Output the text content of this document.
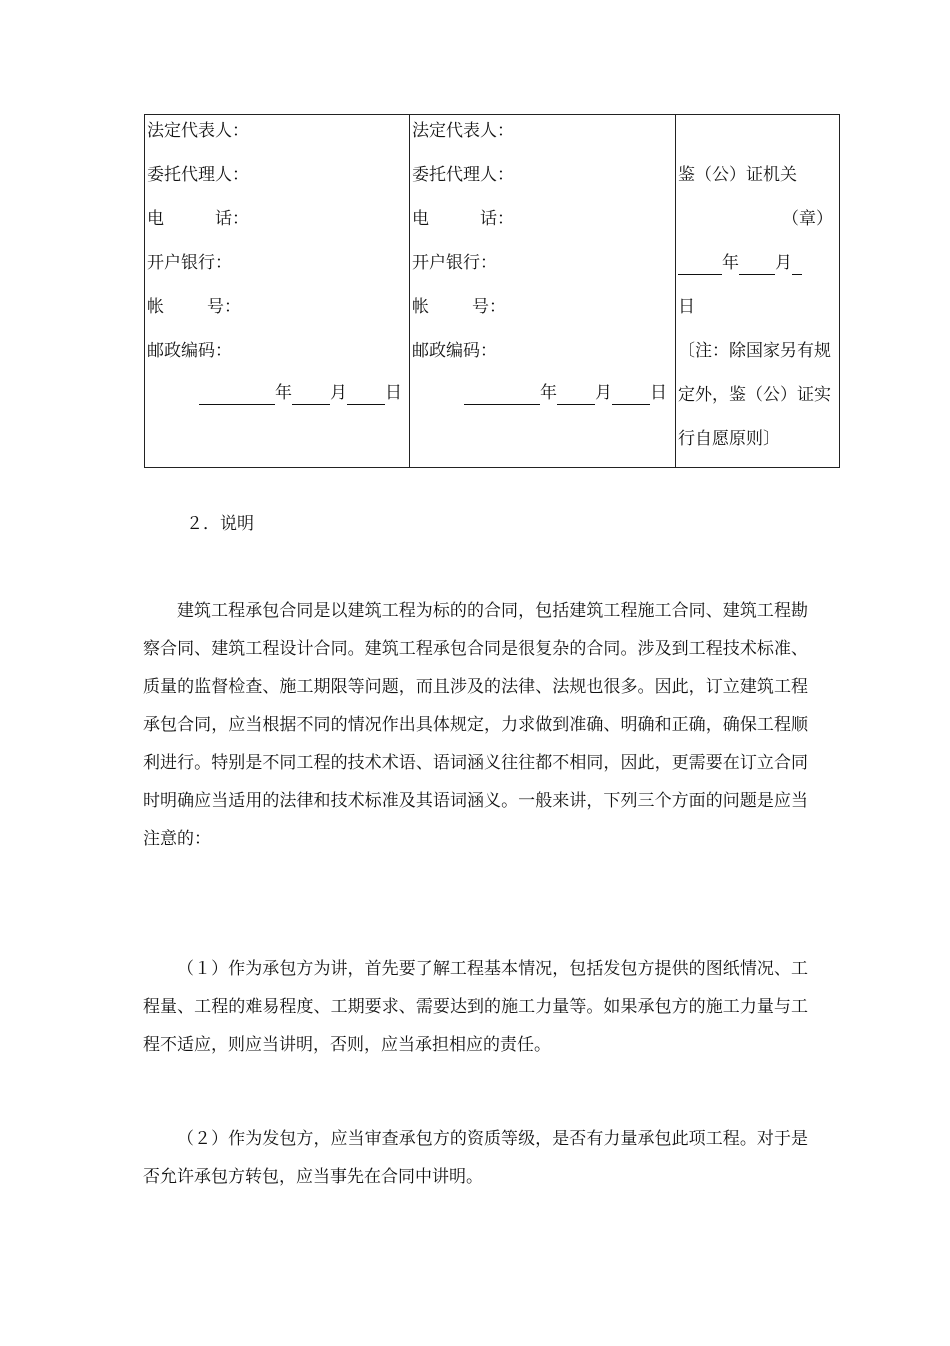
法定代表人：
委托代理人：
电	话：
开户银行：
帐	号：
邮政编码：
年 月 日

法定代表人：
委托代理人：
电	话：
开户银行：
帐	号：
邮政编码：
年 月 日

鉴（公）证机关
（章）
年 月
日
〔注：除国家另有规
定外，鉴（公）证实
行自愿原则〕
２．说明

建筑工程承包合同是以建筑工程为标的的合同，包括建筑工程施工合同、建筑工程勘察合同、建筑工程设计合同。建筑工程承包合同是很复杂的合同。涉及到工程技术标准、质量的监督检查、施工期限等问题，而且涉及的法律、法规也很多。因此，订立建筑工程承包合同，应当根据不同的情况作出具体规定，力求做到准确、明确和正确，确保工程顺利进行。特别是不同工程的技术术语、语词涵义往往都不相同，因此，更需要在订立合同时明确应当适用的法律和技术标准及其语词涵义。一般来讲，下列三个方面的问题是应当注意的：

（１）作为承包方为讲，首先要了解工程基本情况，包括发包方提供的图纸情况、工程量、工程的难易程度、工期要求、需要达到的施工力量等。如果承包方的施工力量与工程不适应，则应当讲明，否则，应当承担相应的责任。

（２）作为发包方，应当审查承包方的资质等级，是否有力量承包此项工程。对于是否允许承包方转包，应当事先在合同中讲明。
